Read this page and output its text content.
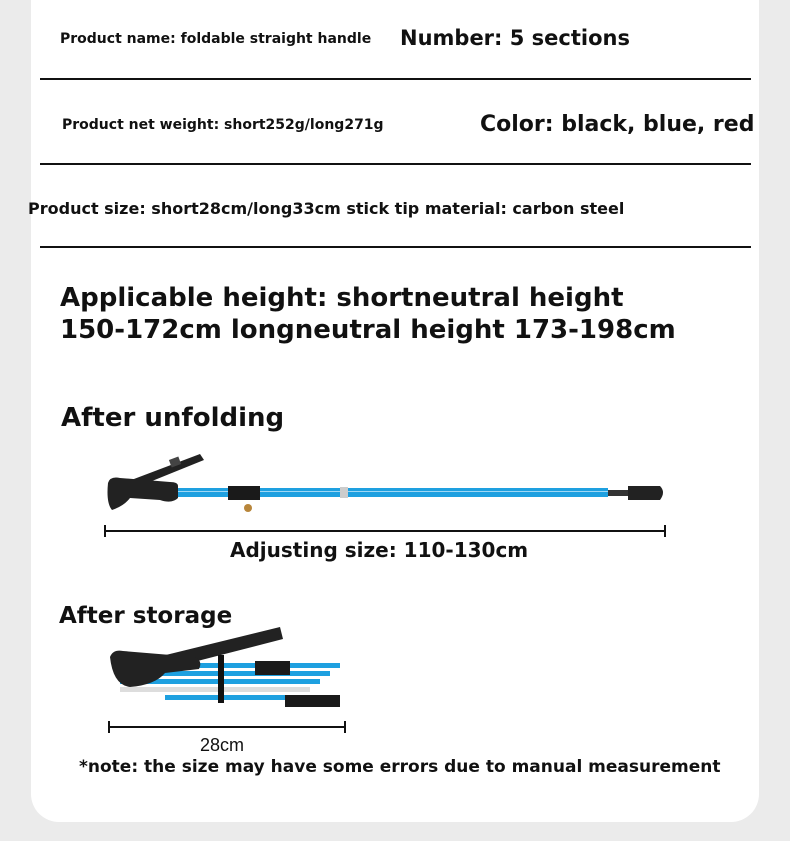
Product name: foldable straight handle Number: 5 sections
Product net weight: short252g/long271g	Color: black, blue, red
Product size: short28cm/long33cm stick tip material: carbon steel
Applicable height: shortneutral height
150-172cm longneutral height 173-198cm
After unfolding
Adjusting size: 110-130cm
After storage
28cm
*note: the size may have some errors due to manual measurement
